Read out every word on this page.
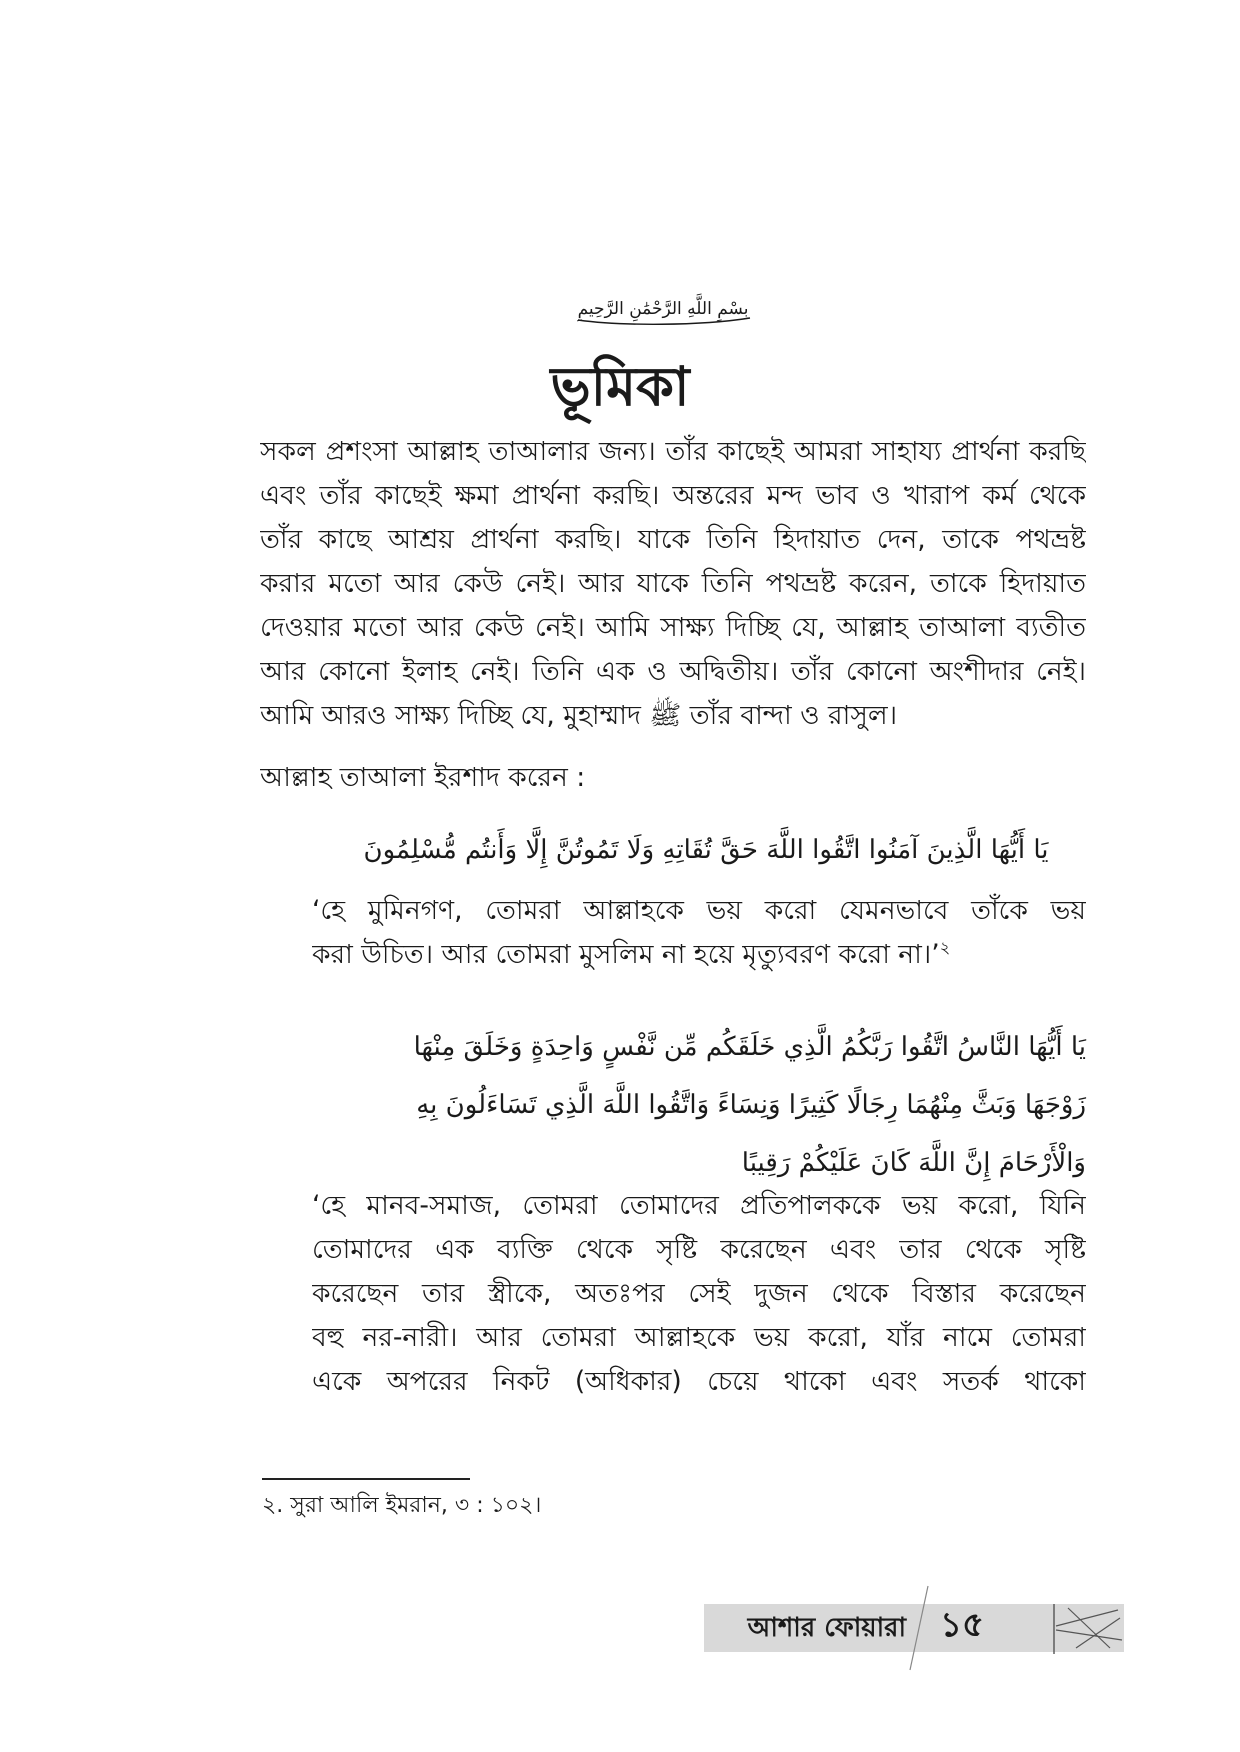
بِسْمِ اللَّهِ الرَّحْمَٰنِ الرَّحِيمِ
ভূমিকা
সকল প্রশংসা আল্লাহ তাআলার জন্য। তাঁর কাছেই আমরা সাহায্য প্রার্থনা করছি
এবং তাঁর কাছেই ক্ষমা প্রার্থনা করছি। অন্তরের মন্দ ভাব ও খারাপ কর্ম থেকে
তাঁর কাছে আশ্রয় প্রার্থনা করছি। যাকে তিনি হিদায়াত দেন, তাকে পথভ্রষ্ট
করার মতো আর কেউ নেই। আর যাকে তিনি পথভ্রষ্ট করেন, তাকে হিদায়াত
দেওয়ার মতো আর কেউ নেই। আমি সাক্ষ্য দিচ্ছি যে, আল্লাহ তাআলা ব্যতীত
আর কোনো ইলাহ নেই। তিনি এক ও অদ্বিতীয়। তাঁর কোনো অংশীদার নেই।
আমি আরও সাক্ষ্য দিচ্ছি যে, মুহাম্মাদ ﷺ তাঁর বান্দা ও রাসুল।
আল্লাহ তাআলা ইরশাদ করেন :

يَا أَيُّهَا الَّذِينَ آمَنُوا اتَّقُوا اللَّهَ حَقَّ تُقَاتِهِ وَلَا تَمُوتُنَّ إِلَّا وَأَنتُم مُّسْلِمُونَ

‘হে মুমিনগণ, তোমরা আল্লাহকে ভয় করো যেমনভাবে তাঁকে ভয়
করা উচিত। আর তোমরা মুসলিম না হয়ে মৃত্যুবরণ করো না।’$^২$
يَا أَيُّهَا النَّاسُ اتَّقُوا رَبَّكُمُ الَّذِي خَلَقَكُم مِّن نَّفْسٍ وَاحِدَةٍ وَخَلَقَ مِنْهَا
زَوْجَهَا وَبَثَّ مِنْهُمَا رِجَالًا كَثِيرًا وَنِسَاءً وَاتَّقُوا اللَّهَ الَّذِي تَسَاءَلُونَ بِهِ
وَالْأَرْحَامَ إِنَّ اللَّهَ كَانَ عَلَيْكُمْ رَقِيبًا
‘হে মানব-সমাজ, তোমরা তোমাদের প্রতিপালককে ভয় করো, যিনি
তোমাদের এক ব্যক্তি থেকে সৃষ্টি করেছেন এবং তার থেকে সৃষ্টি
করেছেন তার স্ত্রীকে, অতঃপর সেই দুজন থেকে বিস্তার করেছেন
বহু নর-নারী। আর তোমরা আল্লাহকে ভয় করো, যাঁর নামে তোমরা
একে অপরের নিকট (অধিকার) চেয়ে থাকো এবং সতর্ক থাকো

২. সুরা আলি ইমরান, ৩ : ১০২।

আশার ফোয়ারা ১৫
